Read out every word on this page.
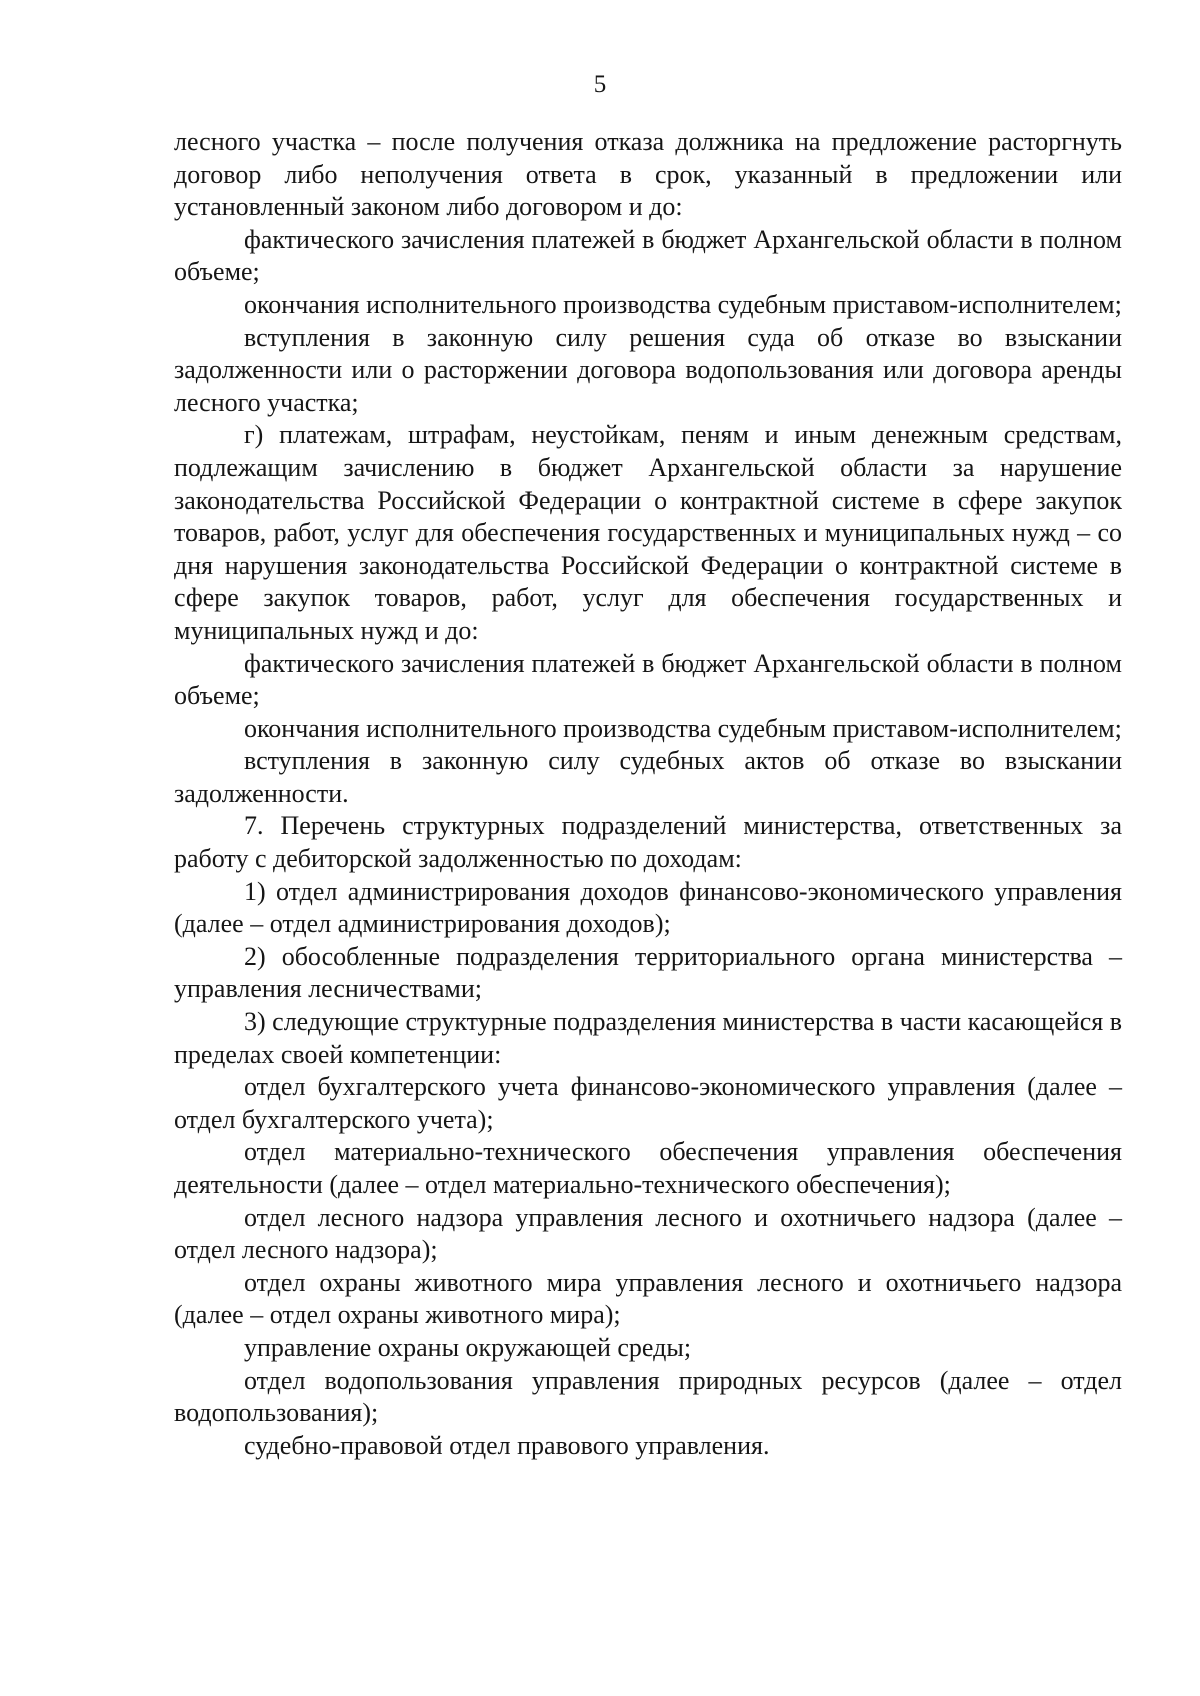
5

лесного участка – после получения отказа должника на предложение расторгнуть договор либо неполучения ответа в срок, указанный в предложении или установленный законом либо договором и до:

фактического зачисления платежей в бюджет Архангельской области в полном объеме;

окончания исполнительного производства судебным приставом-исполнителем;

вступления в законную силу решения суда об отказе во взыскании задолженности или о расторжении договора водопользования или договора аренды лесного участка;

г) платежам, штрафам, неустойкам, пеням и иным денежным средствам, подлежащим зачислению в бюджет Архангельской области за нарушение законодательства Российской Федерации о контрактной системе в сфере закупок товаров, работ, услуг для обеспечения государственных и муниципальных нужд – со дня нарушения законодательства Российской Федерации о контрактной системе в сфере закупок товаров, работ, услуг для обеспечения государственных и муниципальных нужд и до:

фактического зачисления платежей в бюджет Архангельской области в полном объеме;

окончания исполнительного производства судебным приставом-исполнителем;

вступления в законную силу судебных актов об отказе во взыскании задолженности.

7. Перечень структурных подразделений министерства, ответственных за работу с дебиторской задолженностью по доходам:

1) отдел администрирования доходов финансово-экономического управления (далее – отдел администрирования доходов);

2) обособленные подразделения территориального органа министерства – управления лесничествами;

3) следующие структурные подразделения министерства в части касающейся в пределах своей компетенции:

отдел бухгалтерского учета финансово-экономического управления (далее – отдел бухгалтерского учета);

отдел материально-технического обеспечения управления обеспечения деятельности (далее – отдел материально-технического обеспечения);

отдел лесного надзора управления лесного и охотничьего надзора (далее – отдел лесного надзора);

отдел охраны животного мира управления лесного и охотничьего надзора (далее – отдел охраны животного мира);

управление охраны окружающей среды;

отдел водопользования управления природных ресурсов (далее – отдел водопользования);

судебно-правовой отдел правового управления.
